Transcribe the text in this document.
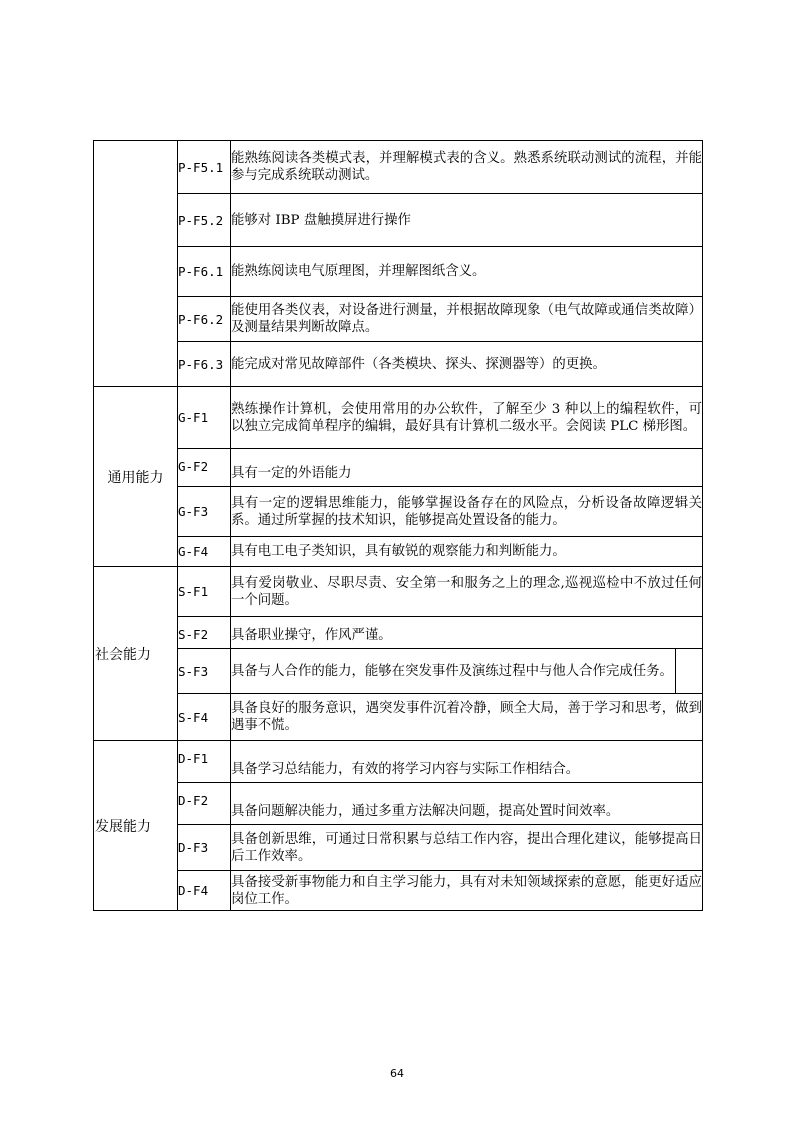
	P-F5.1	能熟练阅读各类模式表，并理解模式表的含义。熟悉系统联动测试的流程，并能参与完成系统联动测试。
	P-F5.2	能够对 IBP 盘触摸屏进行操作
	P-F6.1	能熟练阅读电气原理图，并理解图纸含义。
	P-F6.2	能使用各类仪表，对设备进行测量，并根据故障现象（电气故障或通信类故障）及测量结果判断故障点。
	P-F6.3	能完成对常见故障部件（各类模块、探头、探测器等）的更换。
通用能力	G-F1	熟练操作计算机，会使用常用的办公软件，了解至少 3 种以上的编程软件，可以独立完成简单程序的编辑，最好具有计算机二级水平。会阅读 PLC 梯形图。
	G-F2	具有一定的外语能力
	G-F3	具有一定的逻辑思维能力，能够掌握设备存在的风险点，分析设备故障逻辑关系。通过所掌握的技术知识，能够提高处置设备的能力。
	G-F4	具有电工电子类知识，具有敏锐的观察能力和判断能力。
社会能力	S-F1	具有爱岗敬业、尽职尽责、安全第一和服务之上的理念,巡视巡检中不放过任何一个问题。
	S-F2	具备职业操守，作风严谨。
	S-F3	具备与人合作的能力，能够在突发事件及演练过程中与他人合作完成任务。
	S-F4	具备良好的服务意识，遇突发事件沉着冷静，顾全大局，善于学习和思考，做到遇事不慌。
发展能力	D-F1	具备学习总结能力，有效的将学习内容与实际工作相结合。
	D-F2	具备问题解决能力，通过多重方法解决问题，提高处置时间效率。
	D-F3	具备创新思维，可通过日常积累与总结工作内容，提出合理化建议，能够提高日后工作效率。
	D-F4	具备接受新事物能力和自主学习能力，具有对未知领域探索的意愿，能更好适应岗位工作。
64
